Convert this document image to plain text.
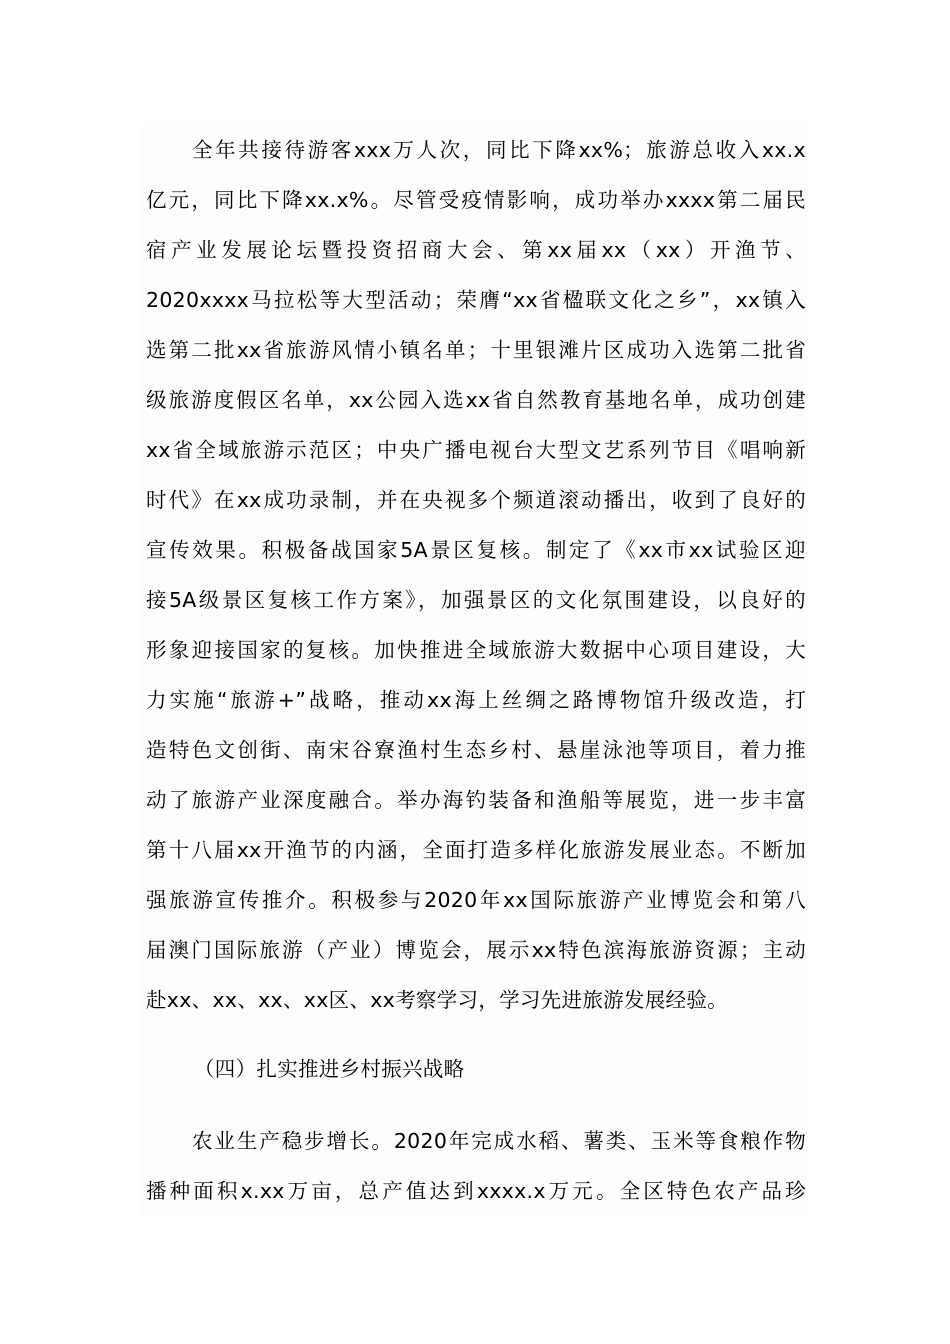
全年共接待游客xxx万人次，同比下降xx%；旅游总收入xx.x
亿元，同比下降xx.x%。尽管受疫情影响，成功举办xxxx第二届民
宿产业发展论坛暨投资招商大会、第xx届xx（xx）开渔节、
2020xxxx马拉松等大型活动；荣膺“xx省楹联文化之乡”，xx镇入
选第二批xx省旅游风情小镇名单；十里银滩片区成功入选第二批省
级旅游度假区名单，xx公园入选xx省自然教育基地名单，成功创建
xx省全域旅游示范区；中央广播电视台大型文艺系列节目《唱响新
时代》在xx成功录制，并在央视多个频道滚动播出，收到了良好的
宣传效果。积极备战国家5A景区复核。制定了《xx市xx试验区迎
接5A级景区复核工作方案》，加强景区的文化氛围建设，以良好的
形象迎接国家的复核。加快推进全域旅游大数据中心项目建设，大
力实施“旅游+”战略，推动xx海上丝绸之路博物馆升级改造，打
造特色文创街、南宋谷寮渔村生态乡村、悬崖泳池等项目，着力推
动了旅游产业深度融合。举办海钓装备和渔船等展览，进一步丰富
第十八届xx开渔节的内涵，全面打造多样化旅游发展业态。不断加
强旅游宣传推介。积极参与2020年xx国际旅游产业博览会和第八
届澳门国际旅游（产业）博览会，展示xx特色滨海旅游资源；主动
赴xx、xx、xx、xx区、xx考察学习，学习先进旅游发展经验。
（四）扎实推进乡村振兴战略
农业生产稳步增长。2020年完成水稻、薯类、玉米等食粮作物
播种面积x.xx万亩，总产值达到xxxx.x万元。全区特色农产品珍
